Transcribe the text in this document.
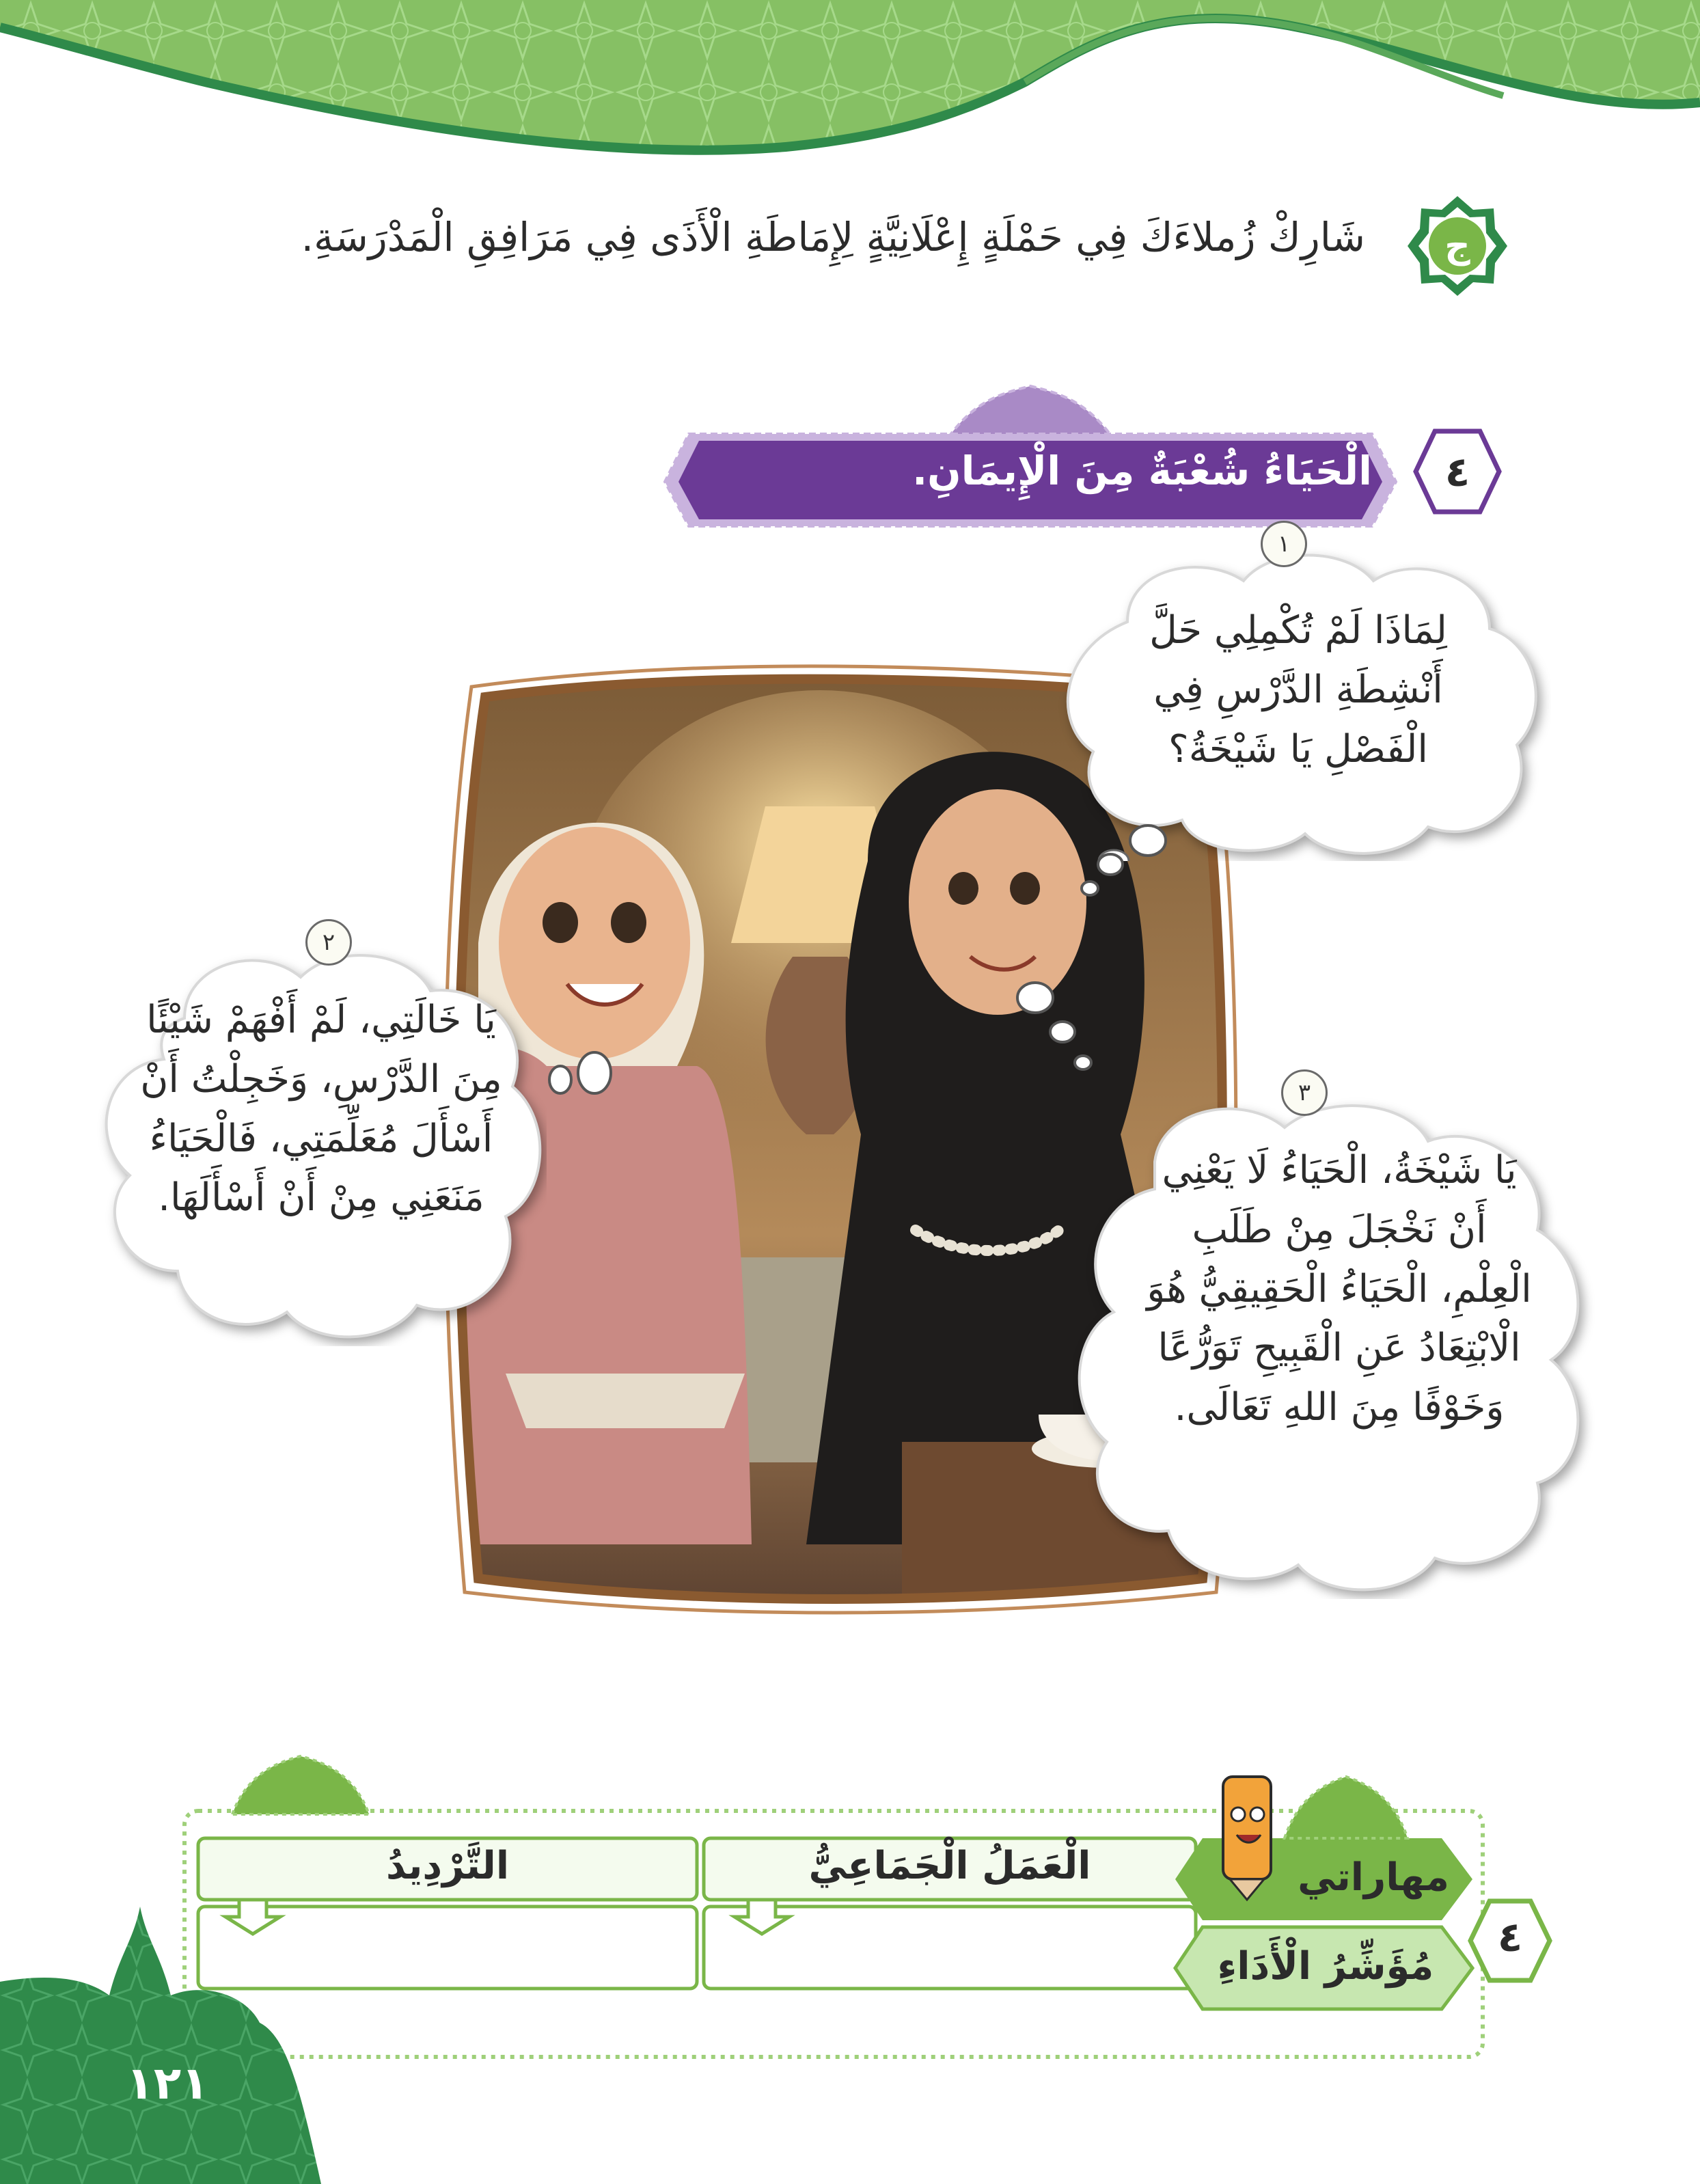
ج
شَارِكْ زُملاءَكَ فِي حَمْلَةٍ إِعْلَانِيَّةٍ لِإِمَاطَةِ الْأَذَى فِي مَرَافِقِ الْمَدْرَسَةِ.
٤
الْحَيَاءُ شُعْبَةٌ مِنَ الْإِيمَانِ.
١
لِمَاذَا لَمْ تُكْمِلِي حَلَّ
أَنْشِطَةِ الدَّرْسِ فِي
الْفَصْلِ يَا شَيْخَةُ؟
٢
يَا خَالَتِي، لَمْ أَفْهَمْ شَيْئًا
مِنَ الدَّرْسِ، وَخَجِلْتُ أَنْ
أَسْأَلَ مُعَلِّمَتِي، فَالْحَيَاءُ
مَنَعَنِي مِنْ أَنْ أَسْأَلَهَا.
٣
يَا شَيْخَةُ، الْحَيَاءُ لَا يَعْنِي
أَنْ نَخْجَلَ مِنْ طَلَبِ
الْعِلْمِ، الْحَيَاءُ الْحَقِيقِيُّ هُوَ
الْابْتِعَادُ عَنِ الْقَبِيحِ تَوَرُّعًا
وَخَوْفًا مِنَ اللهِ تَعَالَى.
التَّرْدِيدُ	الْعَمَلُ الْجَمَاعِيُّ	مهاراتي
مُؤَشِّرُ الْأَدَاءِ
٤
١٢١
